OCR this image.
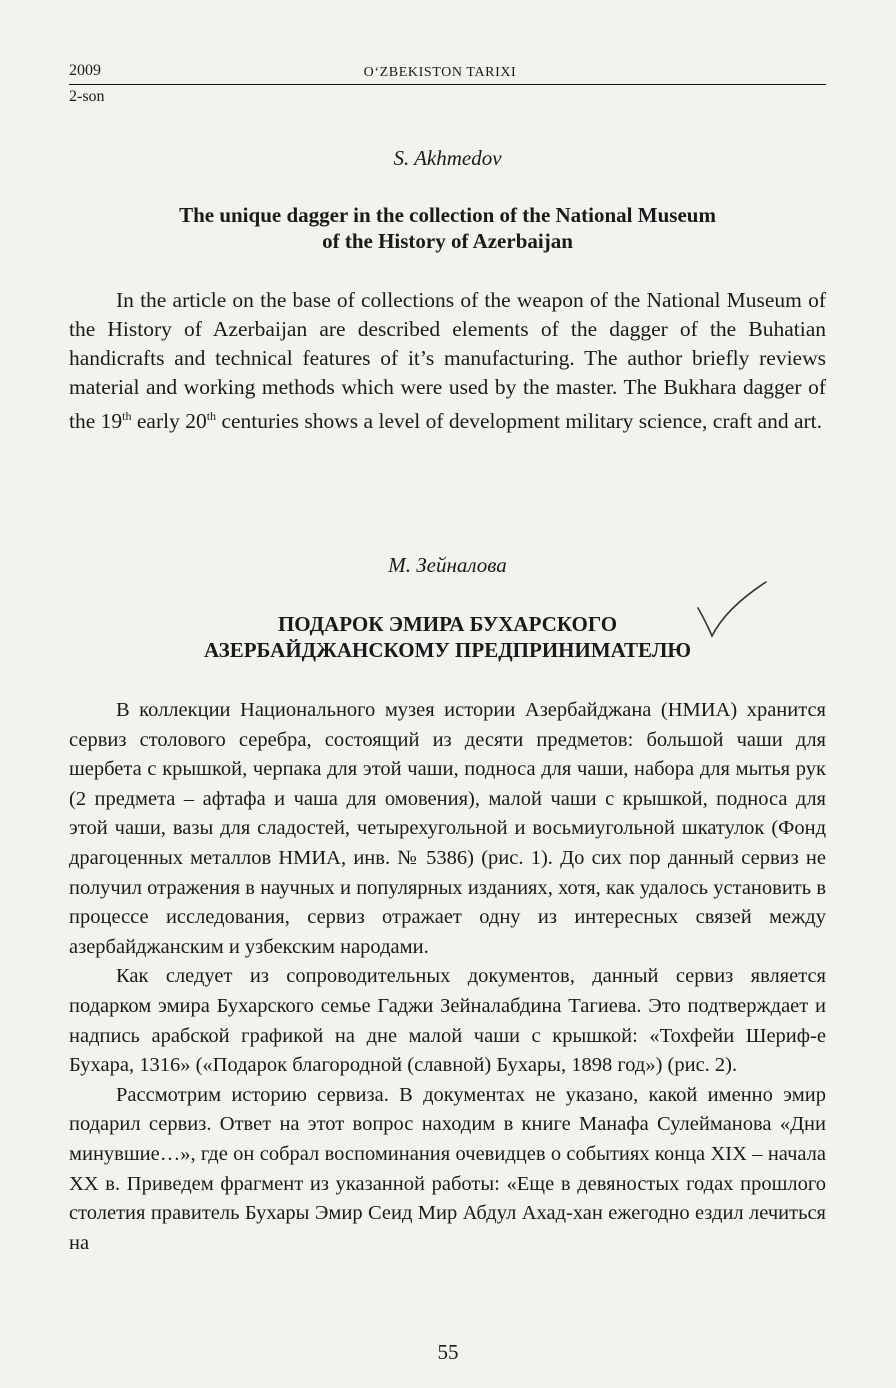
2009	O‘ZBEKISTON TARIXI
2-son
S. Akhmedov
The unique dagger in the collection of the National Museum
of the History of Azerbaijan

In the article on the base of collections of the weapon of the National Museum of the History of Azerbaijan are described elements of the dagger of the Buhatian handicrafts and technical features of it’s manufacturing. The author briefly reviews material and working methods which were used by the master. The Bukhara dagger of the 19th early 20th centuries shows a level of development military science, craft and art.

М. Зейналова
ПОДАРОК ЭМИРА БУХАРСКОГО
АЗЕРБАЙДЖАНСКОМУ ПРЕДПРИНИМАТЕЛЮ

В коллекции Национального музея истории Азербайджана (НМИА) хранится сервиз столового серебра, состоящий из десяти предметов: большой чаши для шербета с крышкой, черпака для этой чаши, подноса для чаши, набора для мытья рук (2 предмета – афтафа и чаша для омовения), малой чаши с крышкой, подноса для этой чаши, вазы для сладостей, четырехугольной и восьмиугольной шкатулок (Фонд драгоценных металлов НМИА, инв. № 5386) (рис. 1). До сих пор данный сервиз не получил отражения в научных и популярных изданиях, хотя, как удалось установить в процессе исследования, сервиз отражает одну из интересных связей между азербайджанским и узбекским народами.

Как следует из сопроводительных документов, данный сервиз является подарком эмира Бухарского семье Гаджи Зейналабдина Тагиева. Это подтверждает и надпись арабской графикой на дне малой чаши с крышкой: «Тохфейи Шериф-е Бухара, 1316» («Подарок благородной (славной) Бухары, 1898 год») (рис. 2).

Рассмотрим историю сервиза. В документах не указано, какой именно эмир подарил сервиз. Ответ на этот вопрос находим в книге Манафа Сулейманова «Дни минувшие…», где он собрал воспоминания очевидцев о событиях конца XIX – начала XX в. Приведем фрагмент из указанной работы: «Еще в девяностых годах прошлого столетия правитель Бухары Эмир Сеид Мир Абдул Ахад-хан ежегодно ездил лечиться на

55
